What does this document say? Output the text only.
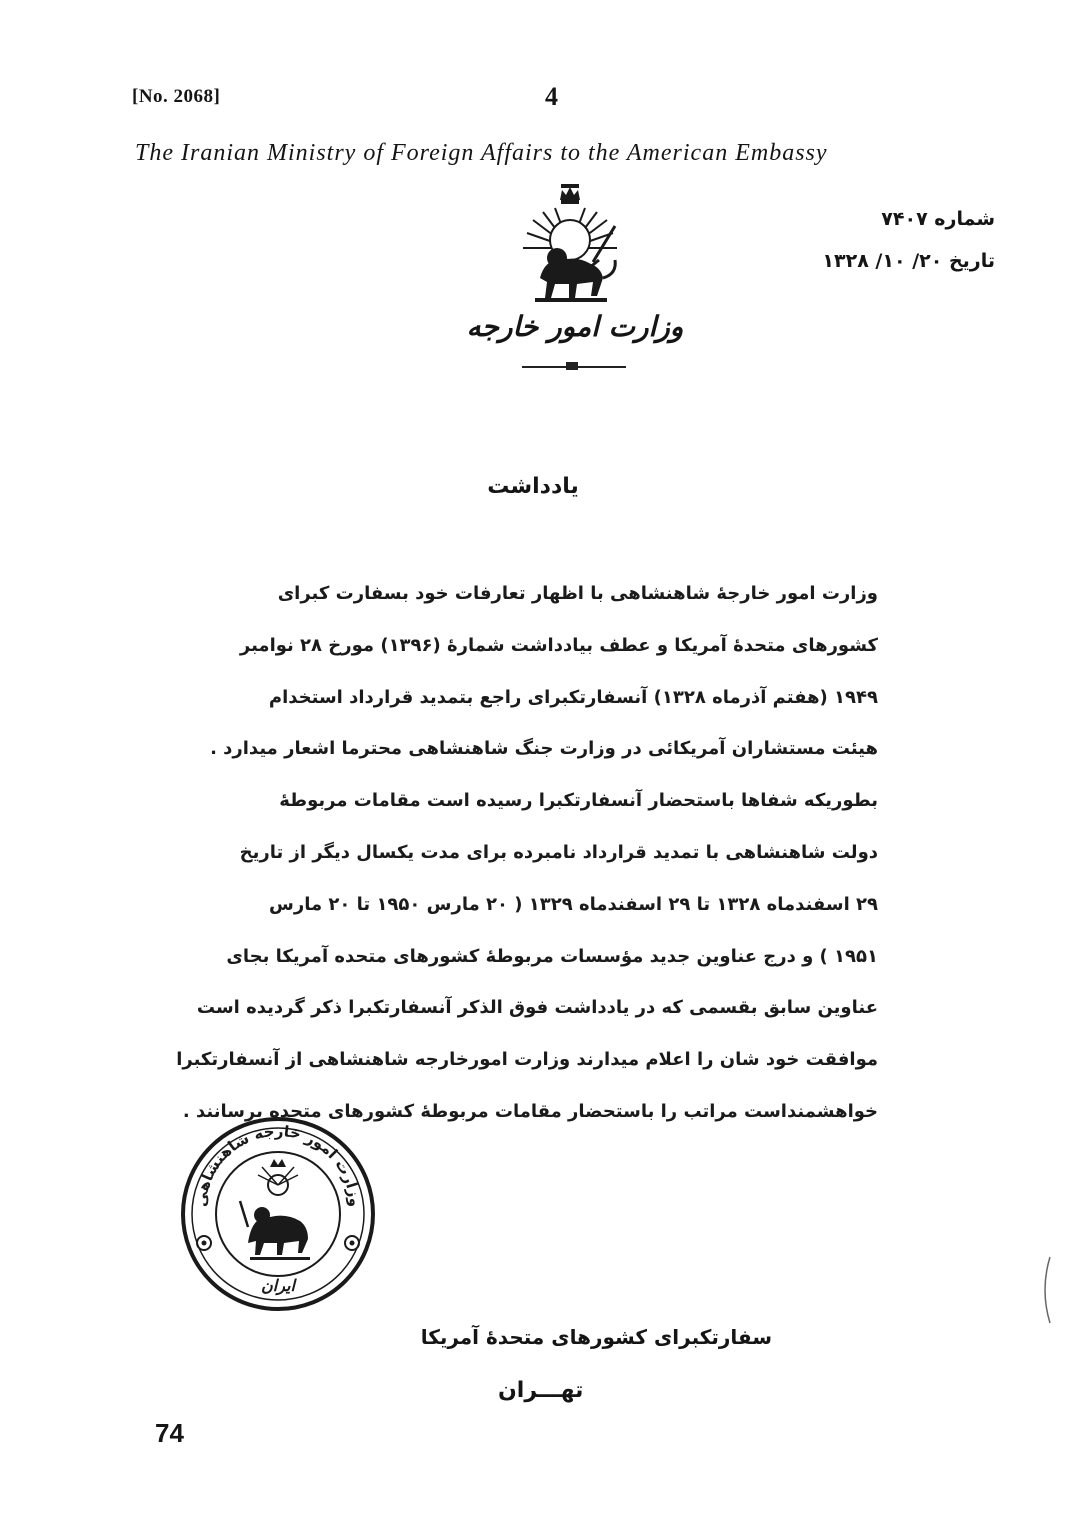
[No. 2068]	4
The Iranian Ministry of Foreign Affairs to the American Embassy
وزارت امور خارجه
شماره ۷۴۰۷
تاریخ ۲۰/ ۱۰/ ۱۳۲۸
یادداشت
وزارت امور خارجهٔ شاهنشاهی با اظهار تعارفات خود بسفارت کبرای
کشورهای متحدهٔ آمریکا و عطف بیادداشت شمارهٔ (۱۳۹۶) مورخ ۲۸ نوامبر
۱۹۴۹ (هفتم آذرماه ۱۳۲۸) آنسفارتکبرای راجع بتمدید قرارداد استخدام
هیئت مستشاران آمریکائی در وزارت جنگ شاهنشاهی محترما اشعار میدارد .
بطوریکه شفاها باستحضار آنسفارتکبرا رسیده است مقامات مربوطهٔ
دولت شاهنشاهی با تمدید قرارداد نامبرده برای مدت یکسال دیگر از تاریخ
۲۹ اسفندماه ۱۳۲۸ تا ۲۹ اسفندماه ۱۳۲۹ ( ۲۰ مارس ۱۹۵۰ تا ۲۰ مارس
۱۹۵۱ ) و درج عناوین جدید مؤسسات مربوطهٔ کشورهای متحده آمریکا بجای
عناوین سابق بقسمی که در یادداشت فوق الذکر آنسفارتکبرا ذکر گردیده است
موافقت خود شان را اعلام میدارند وزارت امورخارجه شاهنشاهی از آنسفارتکبرا
خواهشمنداست مراتب را باستحضار مقامات مربوطهٔ کشورهای متحده برسانند .
وزارت امور خارجه شاهنشاهی
ایران
سفارتکبرای کشورهای متحدهٔ آمریکا
تهـــران
74
